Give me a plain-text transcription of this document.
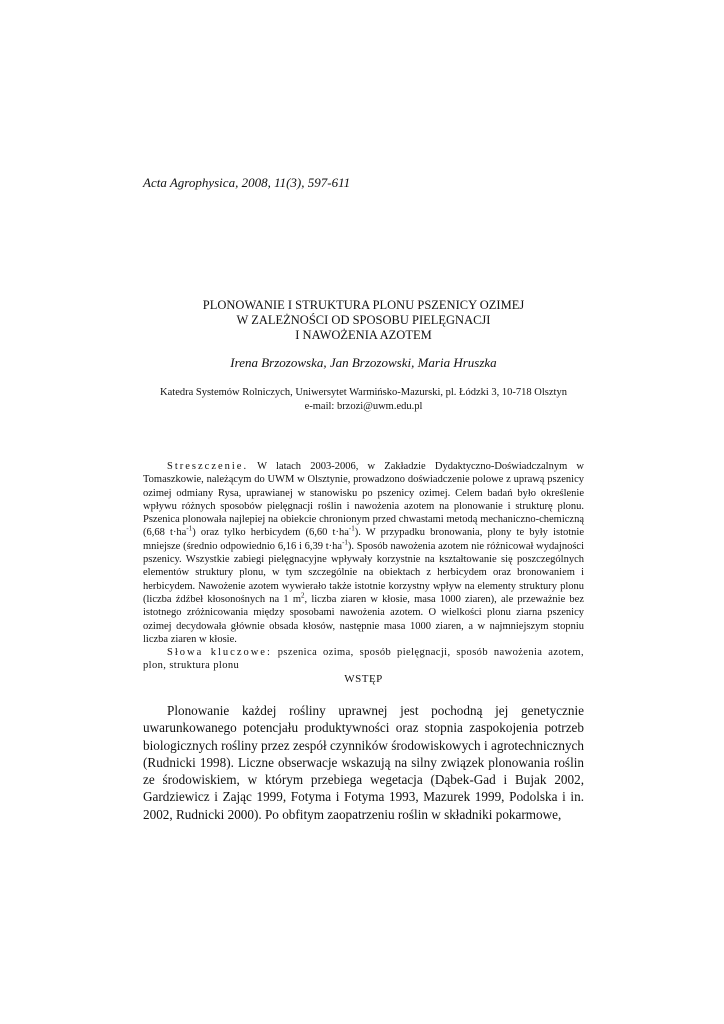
Acta Agrophysica, 2008, 11(3), 597-611
PLONOWANIE I STRUKTURA PLONU PSZENICY OZIMEJ
W ZALEŻNOŚCI OD SPOSOBU PIELĘGNACJI
I NAWOŻENIA AZOTEM
Irena Brzozowska, Jan Brzozowski, Maria Hruszka
Katedra Systemów Rolniczych, Uniwersytet Warmińsko-Mazurski, pl. Łódzki 3, 10-718 Olsztyn
e-mail: brzozi@uwm.edu.pl

Streszczenie. W latach 2003-2006, w Zakładzie Dydaktyczno-Doświadczalnym w Tomaszkowie, należącym do UWM w Olsztynie, prowadzono doświadczenie polowe z uprawą pszenicy ozimej odmiany Rysa, uprawianej w stanowisku po pszenicy ozimej. Celem badań było określenie wpływu różnych sposobów pielęgnacji roślin i nawożenia azotem na plonowanie i strukturę plonu. Pszenica plonowała najlepiej na obiekcie chronionym przed chwastami metodą mechaniczno-chemiczną (6,68 $t\cdot ha^{-1}$) oraz tylko herbicydem (6,60 $t\cdot ha^{-1}$). W przypadku bronowania, plony te były istotnie mniejsze (średnio odpowiednio 6,16 i 6,39 $t\cdot ha^{-1}$). Sposób nawożenia azotem nie różnicował wydajności pszenicy. Wszystkie zabiegi pielęgnacyjne wpływały korzystnie na kształtowanie się poszczególnych elementów struktury plonu, w tym szczególnie na obiektach z herbicydem oraz bronowaniem i herbicydem. Nawożenie azotem wywierało także istotnie korzystny wpływ na elementy struktury plonu (liczba źdźbeł kłosonośnych na 1 $m^2$, liczba ziaren w kłosie, masa 1000 ziaren), ale przeważnie bez istotnego zróżnicowania między sposobami nawożenia azotem. O wielkości plonu ziarna pszenicy ozimej decydowała głównie obsada kłosów, następnie masa 1000 ziaren, a w najmniejszym stopniu liczba ziaren w kłosie.

Słowa kluczowe: pszenica ozima, sposób pielęgnacji, sposób nawożenia azotem, plon, struktura plonu

WSTĘP

Plonowanie każdej rośliny uprawnej jest pochodną jej genetycznie uwarunkowanego potencjału produktywności oraz stopnia zaspokojenia potrzeb biologicznych rośliny przez zespół czynników środowiskowych i agrotechnicznych (Rudnicki 1998). Liczne obserwacje wskazują na silny związek plonowania roślin ze środowiskiem, w którym przebiega wegetacja (Dąbek-Gad i Bujak 2002, Gardziewicz i Zając 1999, Fotyma i Fotyma 1993, Mazurek 1999, Podolska i in. 2002, Rudnicki 2000). Po obfitym zaopatrzeniu roślin w składniki pokarmowe,
